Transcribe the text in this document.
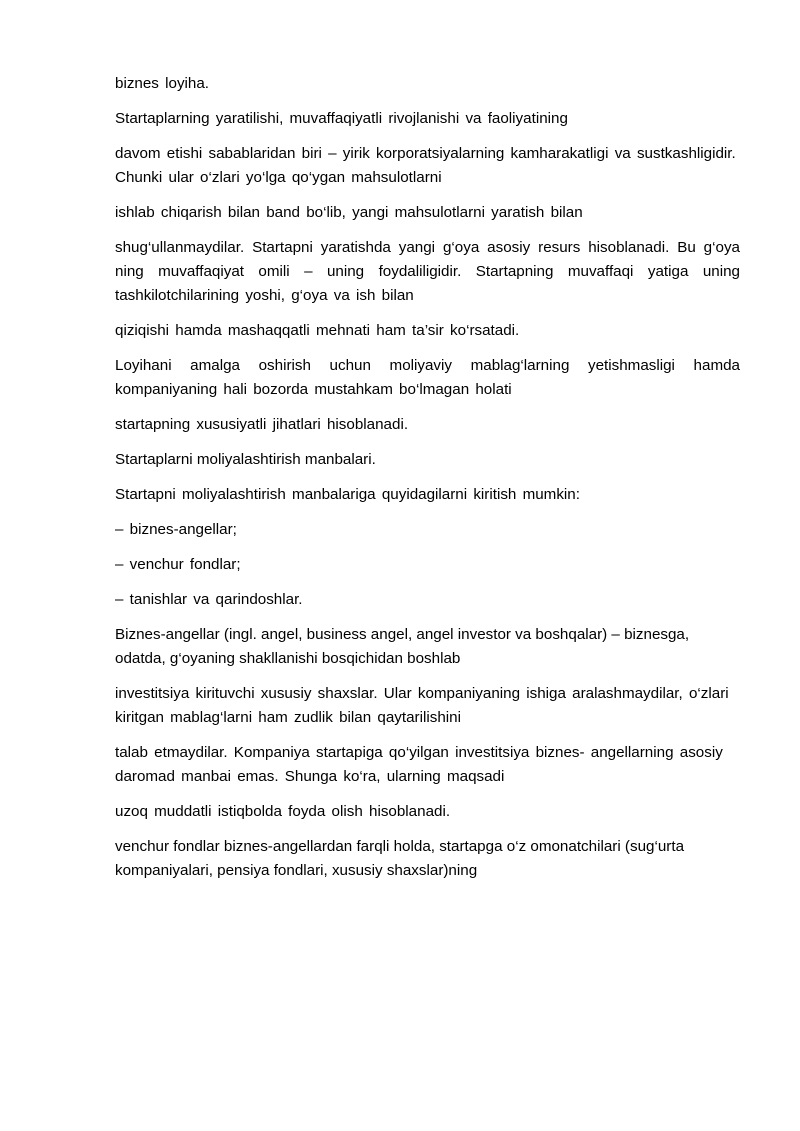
biznes loyiha.

Startaplarning yaratilishi, muvaffaqiyatli rivojlanishi va faoliyatining

davom etishi sabablaridan biri – yirik korporatsiyalarning kamharakatligi va sustkashligidir. Chunki ular o‘zlari yo‘lga qo‘ygan mahsulotlarni

ishlab chiqarish bilan band bo‘lib, yangi mahsulotlarni yaratish bilan

shug‘ullanmaydilar. Startapni yaratishda yangi g‘oya asosiy resurs hisoblanadi. Bu g‘oya ning muvaffaqiyat omili – uning foydaliligidir. Startapning muvaffaqi yatiga uning tashkilotchilarining yoshi, g‘oya va ish bilan

qiziqishi hamda mashaqqatli mehnati ham ta’sir ko‘rsatadi.

Loyihani amalga oshirish uchun moliyaviy mablag‘larning yetishmasligi hamda kompaniyaning hali bozorda mustahkam bo‘lmagan holati

startapning xususiyatli jihatlari hisoblanadi.

Startaplarni moliyalashtirish manbalari.

Startapni moliyalashtirish manbalariga quyidagilarni kiritish mumkin:

– biznes-angellar;

– venchur fondlar;

– tanishlar va qarindoshlar.

Biznes-angellar (ingl. angel, business angel, angel investor va boshqalar) – biznesga, odatda, g‘oyaning shakllanishi bosqichidan boshlab

investitsiya kirituvchi xususiy shaxslar. Ular kompaniyaning ishiga aralashmaydilar, o‘zlari kiritgan mablag‘larni ham zudlik bilan qaytarilishini

talab etmaydilar. Kompaniya startapiga qo‘yilgan investitsiya biznes- angellarning asosiy daromad manbai emas. Shunga ko‘ra, ularning maqsadi

uzoq muddatli istiqbolda foyda olish hisoblanadi.

venchur fondlar biznes-angellardan farqli holda, startapga o‘z omonatchilari (sug‘urta kompaniyalari, pensiya fondlari, xususiy shaxslar)ning
